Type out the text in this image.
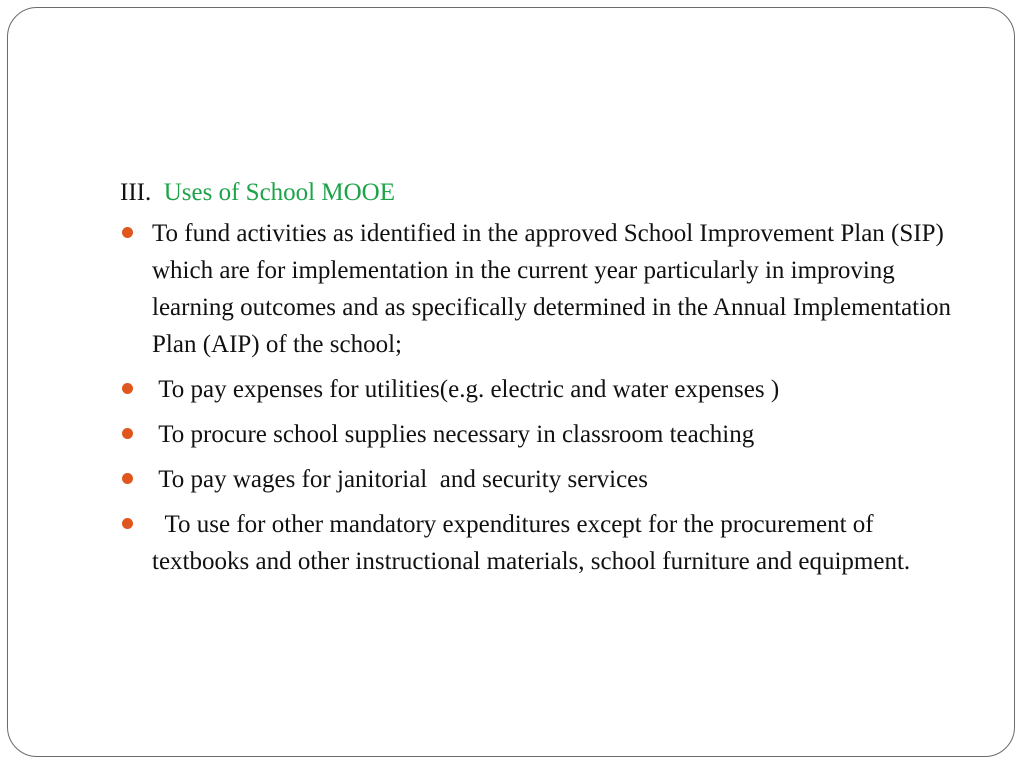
III.  Uses of School MOOE
To fund activities as identified in the approved School Improvement Plan (SIP) which are for implementation in the current year particularly in improving learning outcomes and as specifically determined in the Annual Implementation Plan (AIP) of the school;
To pay expenses for utilities(e.g. electric and water expenses )
To procure school supplies necessary in classroom teaching
To pay wages for janitorial  and security services
To use for other mandatory expenditures except for the procurement of textbooks and other instructional materials, school furniture and equipment.
